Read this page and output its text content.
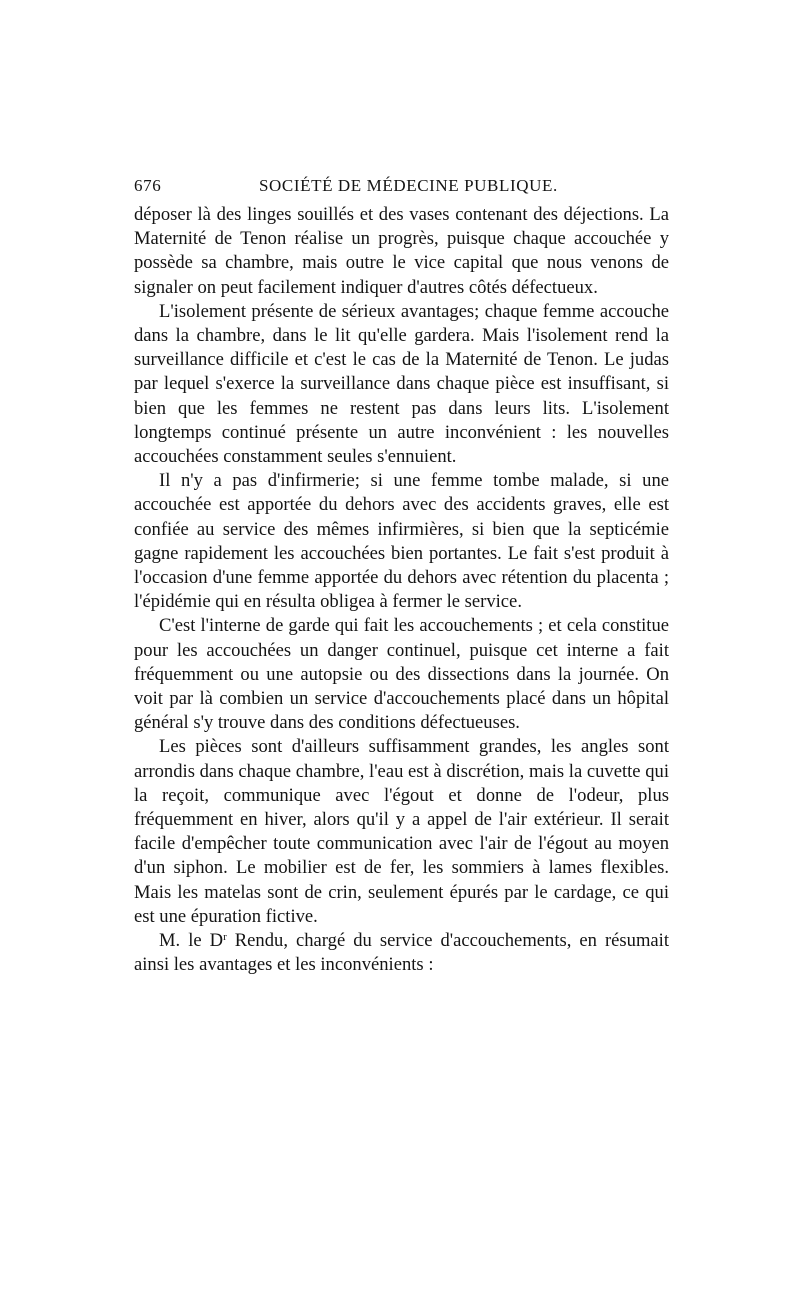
676	SOCIÉTÉ DE MÉDECINE PUBLIQUE.

déposer là des linges souillés et des vases contenant des déjections. La Maternité de Tenon réalise un progrès, puisque chaque accouchée y possède sa chambre, mais outre le vice capital que nous venons de signaler on peut facilement indiquer d'autres côtés défectueux.

L'isolement présente de sérieux avantages; chaque femme accouche dans la chambre, dans le lit qu'elle gardera. Mais l'isolement rend la surveillance difficile et c'est le cas de la Maternité de Tenon. Le judas par lequel s'exerce la surveillance dans chaque pièce est insuffisant, si bien que les femmes ne restent pas dans leurs lits. L'isolement longtemps continué présente un autre inconvénient : les nouvelles accouchées constamment seules s'ennuient.

Il n'y a pas d'infirmerie; si une femme tombe malade, si une accouchée est apportée du dehors avec des accidents graves, elle est confiée au service des mêmes infirmières, si bien que la septicémie gagne rapidement les accouchées bien portantes. Le fait s'est produit à l'occasion d'une femme apportée du dehors avec rétention du placenta ; l'épidémie qui en résulta obligea à fermer le service.

C'est l'interne de garde qui fait les accouchements ; et cela constitue pour les accouchées un danger continuel, puisque cet interne a fait fréquemment ou une autopsie ou des dissections dans la journée. On voit par là combien un service d'accouchements placé dans un hôpital général s'y trouve dans des conditions défectueuses.

Les pièces sont d'ailleurs suffisamment grandes, les angles sont arrondis dans chaque chambre, l'eau est à discrétion, mais la cuvette qui la reçoit, communique avec l'égout et donne de l'odeur, plus fréquemment en hiver, alors qu'il y a appel de l'air extérieur. Il serait facile d'empêcher toute communication avec l'air de l'égout au moyen d'un siphon. Le mobilier est de fer, les sommiers à lames flexibles. Mais les matelas sont de crin, seulement épurés par le cardage, ce qui est une épuration fictive.

M. le $D^r$ Rendu, chargé du service d'accouchements, en résumait ainsi les avantages et les inconvénients :
